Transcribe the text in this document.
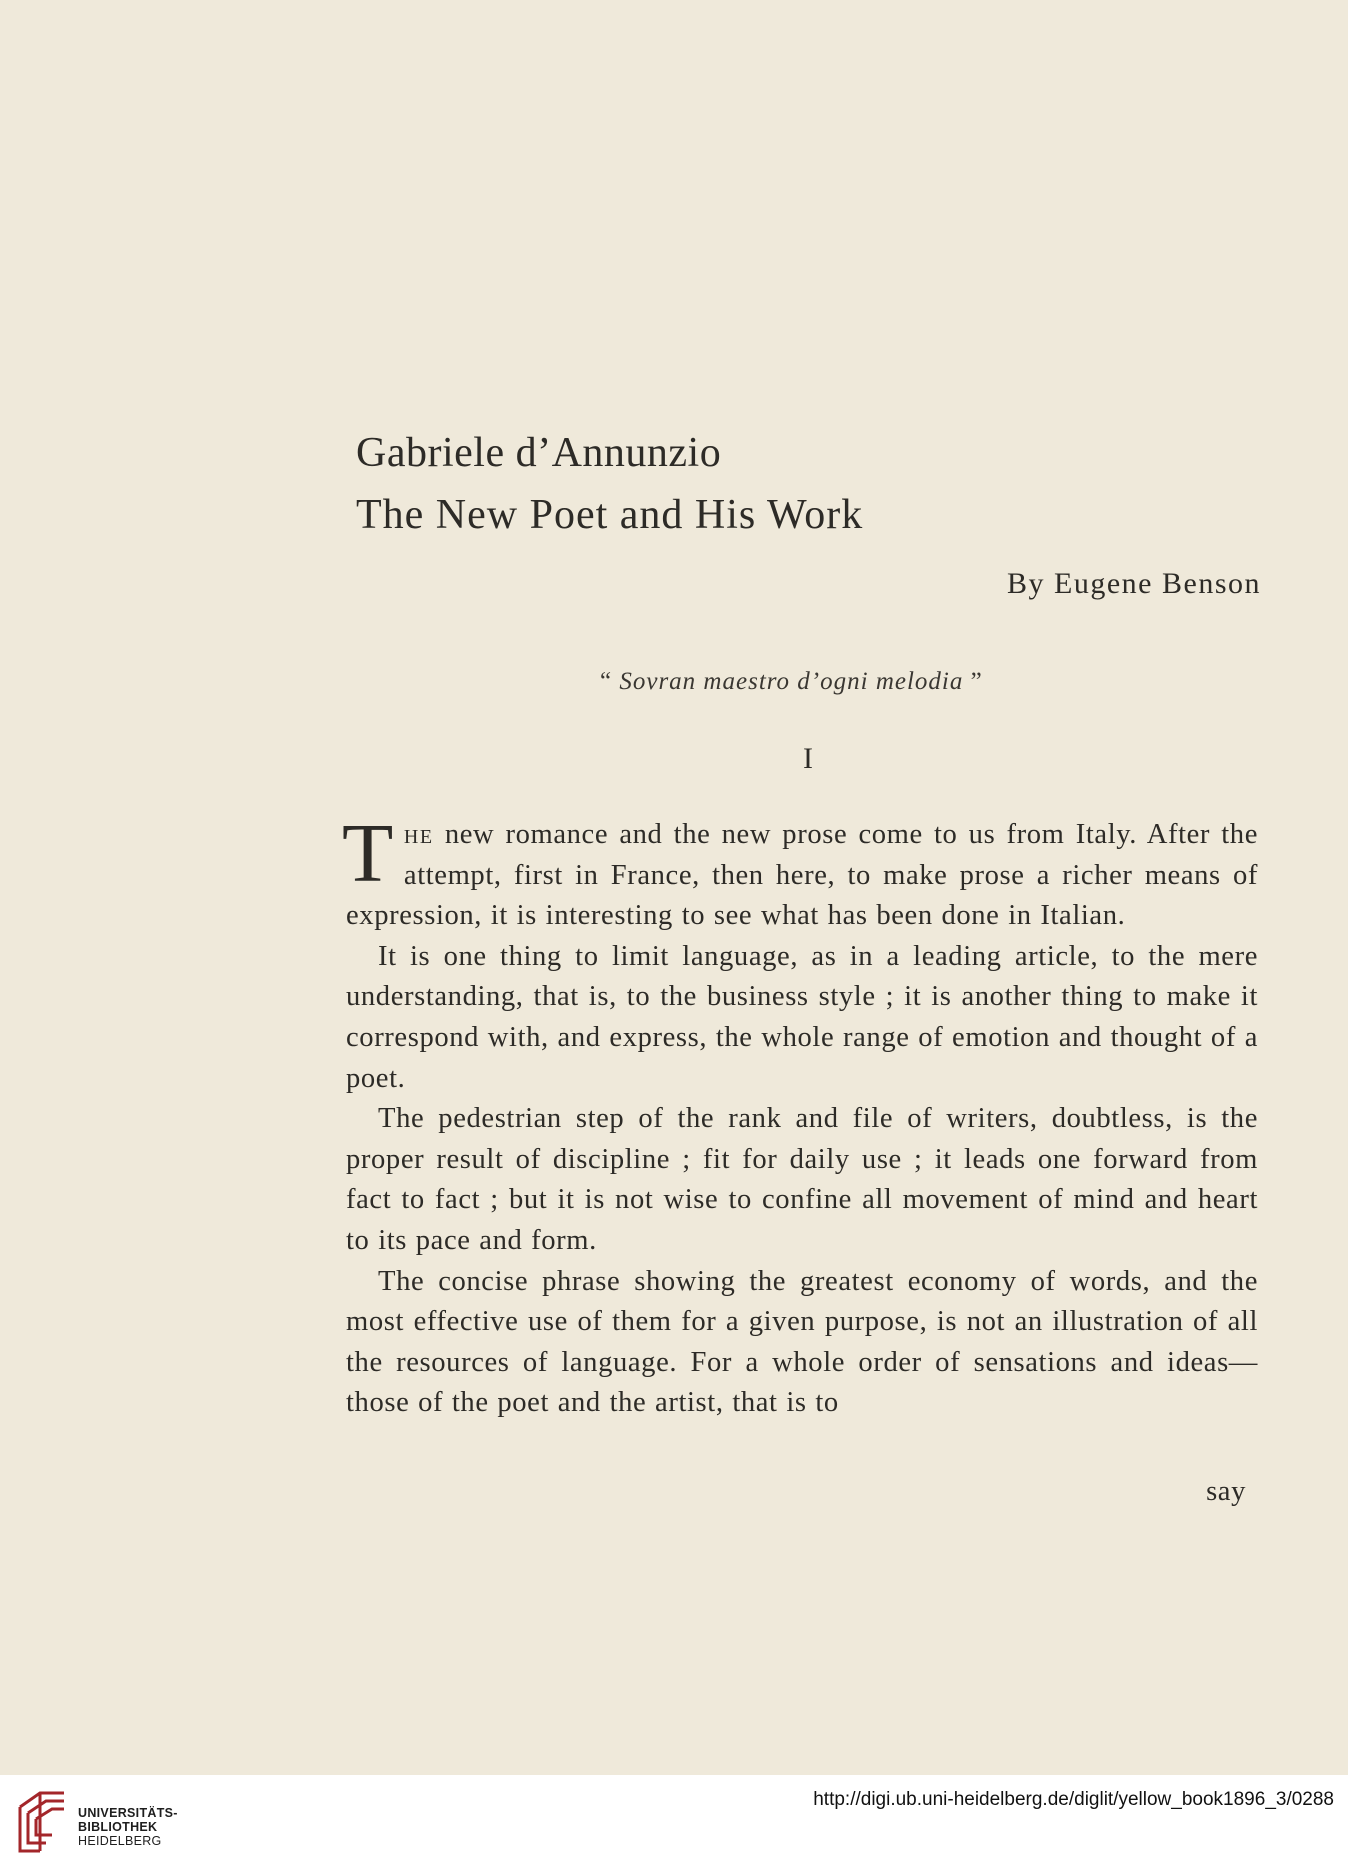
Gabriele d’Annunzio
The New Poet and His Work
By Eugene Benson
“ Sovran maestro d’ogni melodia ”
I

The new romance and the new prose come to us from Italy. After the attempt, first in France, then here, to make prose a richer means of expression, it is interesting to see what has been done in Italian.

It is one thing to limit language, as in a leading article, to the mere understanding, that is, to the business style ; it is another thing to make it correspond with, and express, the whole range of emotion and thought of a poet.

The pedestrian step of the rank and file of writers, doubtless, is the proper result of discipline ; fit for daily use ; it leads one forward from fact to fact ; but it is not wise to confine all movement of mind and heart to its pace and form.

The concise phrase showing the greatest economy of words, and the most effective use of them for a given purpose, is not an illustration of all the resources of language. For a whole order of sensations and ideas—those of the poet and the artist, that is to

say
UNIVERSITÄTS-
BIBLIOTHEK
HEIDELBERG
http://digi.ub.uni-heidelberg.de/diglit/yellow_book1896_3/0288
